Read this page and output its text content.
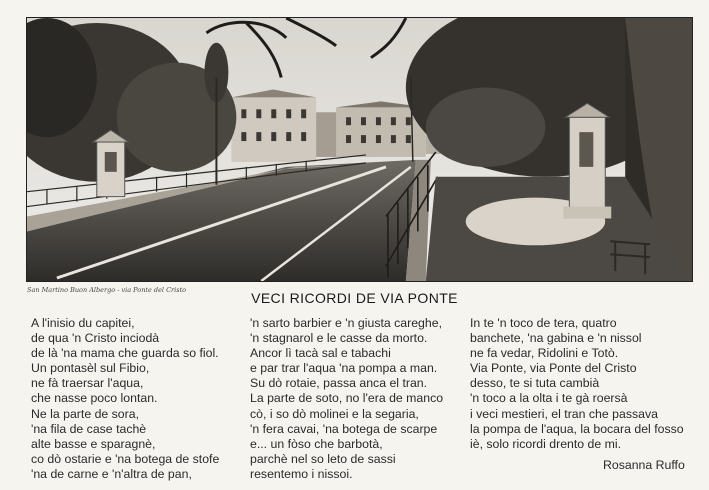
San Martino Buon Albergo - via Ponte del Cristo	VECI RICORDI DE VIA PONTE
A l'inisio du capitei,
de qua 'n Cristo inciodà
de là 'na mama che guarda so fiol.
Un pontasèl sul Fibio,
ne fà traersar l'aqua,
che nasse poco lontan.
Ne la parte de sora,
'na fila de case tachè
alte basse e sparagnè,
co dò ostarie e 'na botega de stofe
'na de carne e 'n'altra de pan,
'n sarto barbier e 'n giusta careghe,
'n stagnarol e le casse da morto.
Ancor lì tacà sal e tabachi
e par trar l'aqua 'na pompa a man.
Su dò rotaie, passa anca el tran.
La parte de soto, no l'era de manco
cò, i so dò molinei e la segaria,
'n fera cavai, 'na botega de scarpe
e... un fòso che barbotà,
parchè nel so leto de sassi
resentemo i nissoi.
In te 'n toco de tera, quatro
banchete, 'na gabina e 'n nissol
ne fa vedar, Ridolini e Totò.
Via Ponte, via Ponte del Cristo
desso, te si tuta cambià
'n toco a la olta i te gà roersà
i veci mestieri, el tran che passava
la pompa de l'aqua, la bocara del fosso
iè, solo ricordi drento de mi.
Rosanna Ruffo
